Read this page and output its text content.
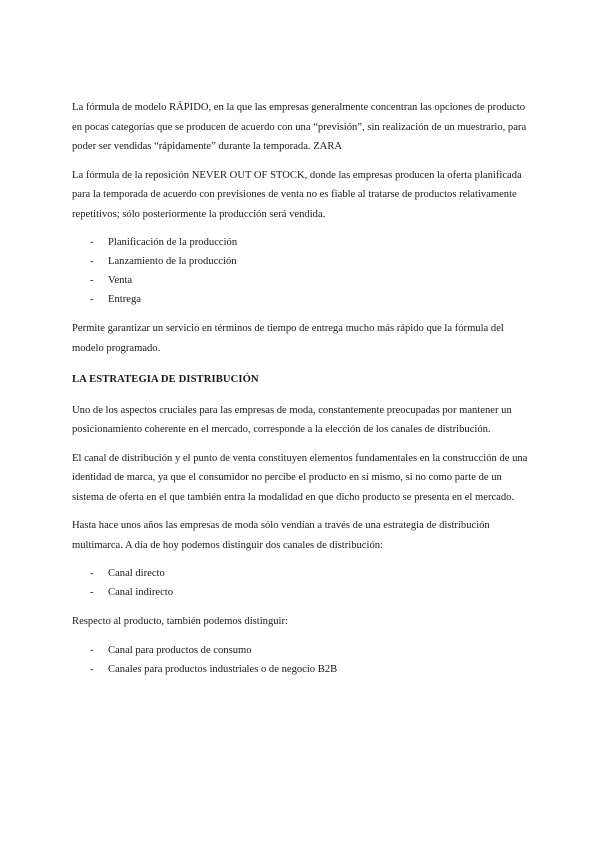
La fórmula de modelo RÁPIDO, en la que las empresas generalmente concentran las opciones de producto en pocas categorías que se producen de acuerdo con una “previsión”, sin realización de un muestrario, para poder ser vendidas “rápidamente” durante la temporada. ZARA

La fórmula de la reposición NEVER OUT OF STOCK, donde las empresas producen la oferta planificada para la temporada de acuerdo con previsiones de venta no es fiable al tratarse de productos relativamente repetitivos; sólo posteriormente la producción será vendida.

- Planificación de la producción
- Lanzamiento de la producción
- Venta
- Entrega

Permite garantizar un servicio en términos de tiempo de entrega mucho más rápido que la fórmula del modelo programado.

LA ESTRATEGIA DE DISTRIBUCIÓN

Uno de los aspectos cruciales para las empresas de moda, constantemente preocupadas por mantener un posicionamiento coherente en el mercado, corresponde a la elección de los canales de distribución.

El canal de distribución y el punto de venta constituyen elementos fundamentales en la construcción de una identidad de marca, ya que el consumidor no percibe el producto en sí mismo, si no como parte de un sistema de oferta en el que también entra la modalidad en que dicho producto se presenta en el mercado.

Hasta hace unos años las empresas de moda sólo vendían a través de una estrategia de distribución multimarca. A día de hoy podemos distinguir dos canales de distribución:

- Canal directo
- Canal indirecto

Respecto al producto, también podemos distinguir:

- Canal para productos de consumo
- Canales para productos industriales o de negocio B2B
